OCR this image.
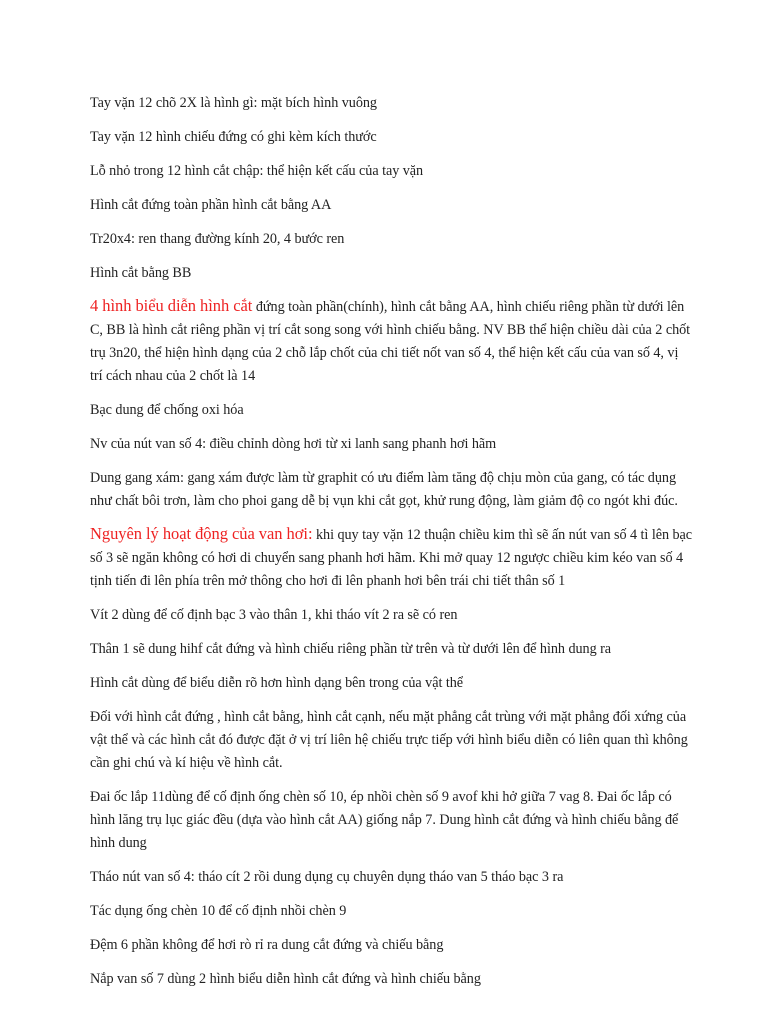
Tay vặn 12 chõ 2X là hình gì: mặt bích hình vuông

Tay vặn 12 hình chiếu đứng có ghi kèm kích thước

Lỗ nhỏ trong 12 hình cắt chập: thể hiện kết cấu của tay vặn

Hình cắt đứng toàn phần hình cắt bằng AA

Tr20x4: ren thang đường kính 20, 4 bước ren

Hình cắt bằng BB

4 hình biểu diễn hình cắt đứng toàn phần(chính), hình cắt bằng AA, hình chiếu riêng phần từ dưới lên C, BB là hình cắt riêng phần vị trí cắt song song với hình chiếu bằng. NV BB thể hiện chiều dài của 2 chốt trụ 3n20, thể hiện hình dạng của 2 chỗ lắp chốt của chi tiết nốt van số 4, thể hiện kết cấu của van số 4, vị trí cách nhau của 2 chốt là 14

Bạc dung để chống oxi hóa

Nv của nút van số 4: điều chỉnh dòng hơi từ xi lanh sang phanh hơi hãm

Dung gang xám: gang xám được làm từ graphit có ưu điểm làm tăng độ chịu mòn của gang, có tác dụng như chất bôi trơn, làm cho phoi gang dễ bị vụn khi cắt gọt, khử rung động, làm giảm độ co ngót khi đúc.

Nguyên lý hoạt động của van hơi: khi quy tay vặn 12 thuận chiều kim thì sẽ ấn nút van số 4 tì lên bạc số 3 sẽ ngăn không có hơi di chuyển sang phanh hơi hãm. Khi mở quay 12 ngược chiều kim kéo van số 4 tịnh tiến đi lên phía trên mở thông cho hơi đi lên phanh hơi bên trái chi tiết thân số 1

Vít 2 dùng để cố định bạc 3 vào thân 1, khi tháo vít 2 ra sẽ có ren

Thân 1 sẽ dung hihf cắt đứng và hình chiếu riêng phần từ trên và từ dưới lên để hình dung ra

Hình cắt dùng để biểu diễn rõ hơn hình dạng bên trong của vật thể

Đối với hình cắt đứng , hình cắt bằng, hình cắt cạnh, nếu mặt phẳng cắt trùng với mặt phẳng đối xứng của vật thể và các hình cắt đó được đặt ở vị trí liên hệ chiếu trực tiếp với hình biểu diễn có liên quan thì không cần ghi chú và kí hiệu về hình cắt.

Đai ốc lắp 11dùng để cố định ống chèn số 10, ép nhồi chèn số 9 avof khi hở giữa 7 vag 8. Đai ốc lắp có hình lăng trụ lục giác đều (dựa vào hình cắt AA) giống nắp 7. Dung hình cắt đứng và hình chiếu bằng để hình dung

Tháo nút van số 4: tháo cít 2 rồi dung dụng cụ chuyên dụng tháo van 5 tháo bạc 3 ra

Tác dụng ống chèn 10 để cố định nhồi chèn 9

Đệm 6 phần không để hơi rò rỉ ra dung cắt đứng và chiếu bằng

Nắp van số 7 dùng 2 hình biểu diễn hình cắt đứng và hình chiếu bằng
